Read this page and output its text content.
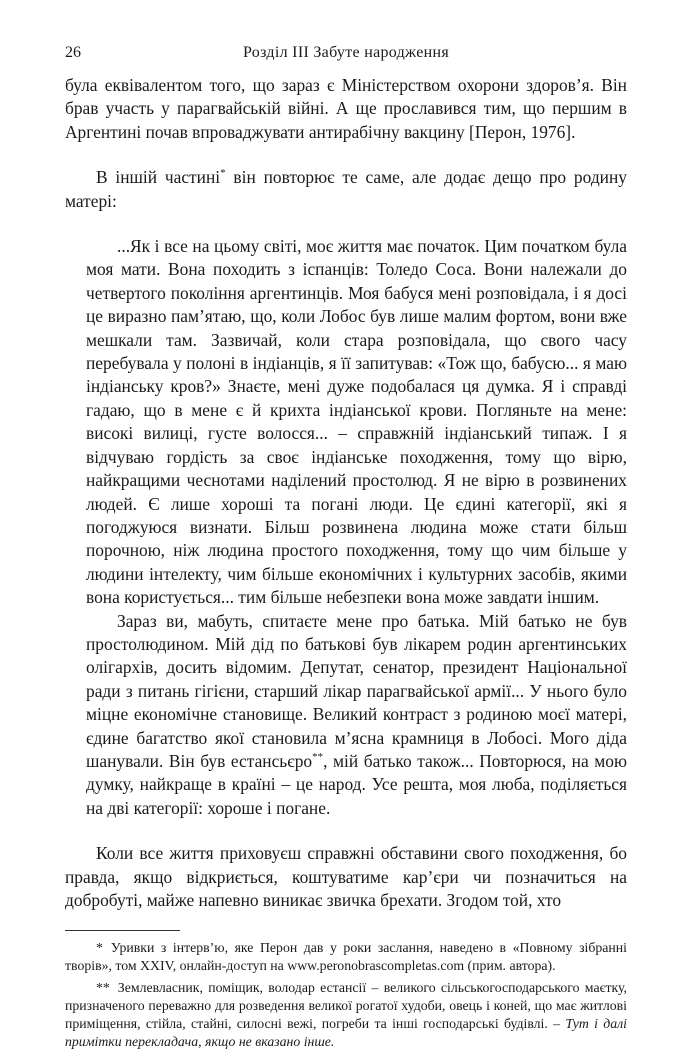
26	Розділ III Забуте народження

була еквівалентом того, що зараз є Міністерством охорони здоров’я. Він брав участь у парагвайській війні. А ще прославився тим, що першим в Аргентині почав впроваджувати антирабічну вакцину [Перон, 1976].

В іншій частині* він повторює те саме, але додає дещо про родину матері:

...Як і все на цьому світі, моє життя має початок. Цим початком була моя мати. Вона походить з іспанців: Толедо Соса. Вони належали до четвертого покоління аргентинців. Моя бабуся мені розповідала, і я досі це виразно пам’ятаю, що, коли Лобос був лише малим фортом, вони вже мешкали там. Зазвичай, коли стара розповідала, що свого часу перебувала у полоні в індіанців, я її запитував: «Тож що, бабусю... я маю індіанську кров?» Знаєте, мені дуже подобалася ця думка. Я і справді гадаю, що в мене є й крихта індіанської крови. Погляньте на мене: високі вилиці, густе волосся... – справжній індіанський типаж. І я відчуваю гордість за своє індіанське походження, тому що вірю, найкращими чеснотами наділений простолюд. Я не вірю в розвинених людей. Є лише хороші та погані люди. Це єдині категорії, які я погоджуюся визнати. Більш розвинена людина може стати більш порочною, ніж людина простого походження, тому що чим більше у людини інтелекту, чим більше економічних і культурних засобів, якими вона користується... тим більше небезпеки вона може завдати іншим.

Зараз ви, мабуть, спитаєте мене про батька. Мій батько не був простолюдином. Мій дід по батькові був лікарем родин аргентинських олігархів, досить відомим. Депутат, сенатор, президент Національної ради з питань гігієни, старший лікар парагвайської армії... У нього було міцне економічне становище. Великий контраст з родиною моєї матері, єдине багатство якої становила м’ясна крамниця в Лобосі. Мого діда шанували. Він був естансьєро**, мій батько також... Повторюся, на мою думку, найкраще в країні – це народ. Усе решта, моя люба, поділяється на дві категорії: хороше і погане.

Коли все життя приховуєш справжні обставини свого походження, бо правда, якщо відкриється, коштуватиме кар’єри чи позначиться на добробуті, майже напевно виникає звичка брехати. Згодом той, хто

* Уривки з інтерв’ю, яке Перон дав у роки заслання, наведено в «Повному зібранні творів», том XXIV, онлайн-доступ на www.peronobrascompletas.com (прим. автора).

** Землевласник, поміщик, володар естансії – великого сільськогосподарського маєтку, призначеного переважно для розведення великої рогатої худоби, овець і коней, що має житлові приміщення, стійла, стайні, силосні вежі, погреби та інші господарські будівлі. – Тут і далі примітки перекладача, якщо не вказано інше.
